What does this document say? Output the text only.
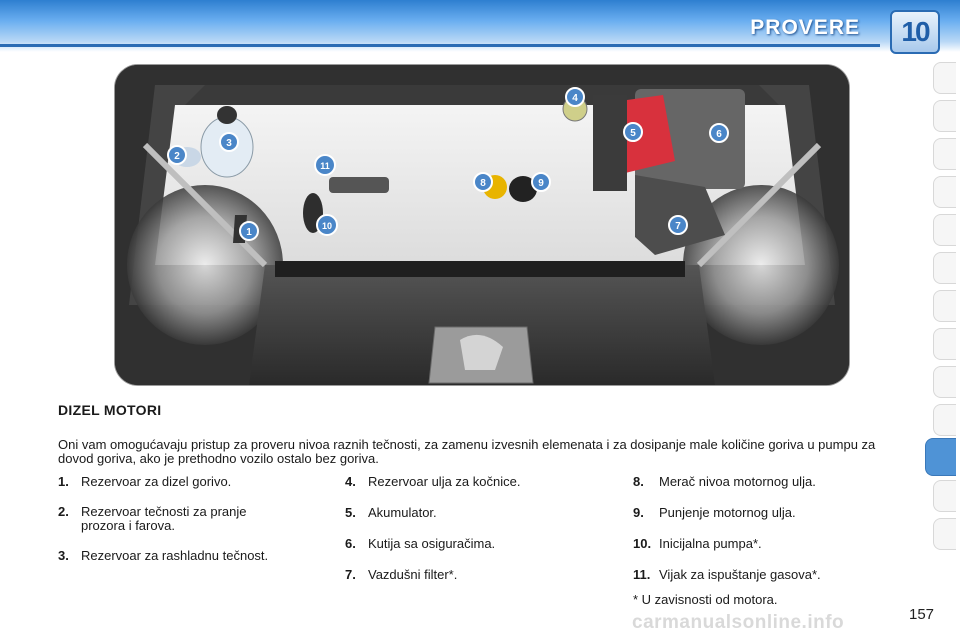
PROVERE	10
1
2
3
4
5	6
7
8	9
10
11
DIZEL MOTORI
Oni vam omogućavaju pristup za proveru nivoa raznih tečnosti, za zamenu izvesnih elemenata i za dosipanje male količine goriva u pumpu za dovod goriva, ako je prethodno vozilo ostalo bez goriva.
1. Rezervoar za dizel gorivo.
2. Rezervoar tečnosti za pranje
prozora i farova.
3. Rezervoar za rashladnu tečnost.
4. Rezervoar ulja za kočnice.
5. Akumulator.
6. Kutija sa osiguračima.
7. Vazdušni filter*.
8. Merač nivoa motornog ulja.
9. Punjenje motornog ulja.
10. Inicijalna pumpa*.
11. Vijak za ispuštanje gasova*.
* U zavisnosti od motora.
carmanualsonline.info	157
